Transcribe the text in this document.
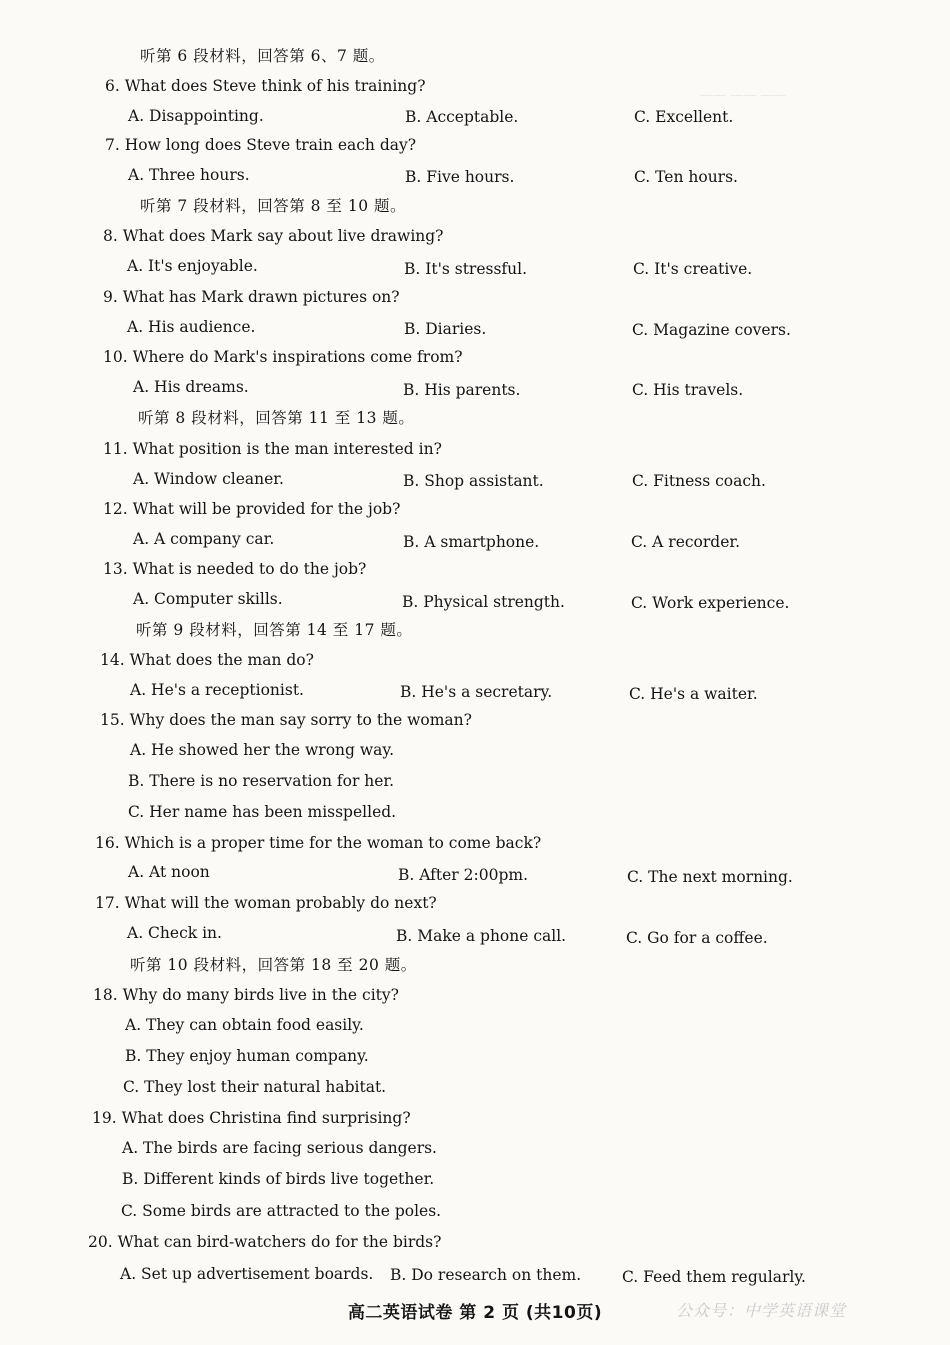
—— —— ——
听第 6 段材料，回答第 6、7 题。
6. What does Steve think of his training?
A. Disappointing.	B. Acceptable.	C. Excellent.
7. How long does Steve train each day?
A. Three hours.	B. Five hours.	C. Ten hours.
听第 7 段材料，回答第 8 至 10 题。
8. What does Mark say about live drawing?
A. It's enjoyable.	B. It's stressful.	C. It's creative.
9. What has Mark drawn pictures on?
A. His audience.	B. Diaries.	C. Magazine covers.
10. Where do Mark's inspirations come from?
A. His dreams.	B. His parents.	C. His travels.
听第 8 段材料，回答第 11 至 13 题。
11. What position is the man interested in?
A. Window cleaner.	B. Shop assistant.	C. Fitness coach.
12. What will be provided for the job?
A. A company car.	B. A smartphone.	C. A recorder.
13. What is needed to do the job?
A. Computer skills.	B. Physical strength.	C. Work experience.
听第 9 段材料，回答第 14 至 17 题。
14. What does the man do?
A. He's a receptionist.	B. He's a secretary.	C. He's a waiter.
15. Why does the man say sorry to the woman?
A. He showed her the wrong way.
B. There is no reservation for her.
C. Her name has been misspelled.
16. Which is a proper time for the woman to come back?
A. At noon	B. After 2:00pm.	C. The next morning.
17. What will the woman probably do next?
A. Check in.	B. Make a phone call.	C. Go for a coffee.
听第 10 段材料，回答第 18 至 20 题。
18. Why do many birds live in the city?
A. They can obtain food easily.
B. They enjoy human company.
C. They lost their natural habitat.
19. What does Christina find surprising?
A. The birds are facing serious dangers.
B. Different kinds of birds live together.
C. Some birds are attracted to the poles.
20. What can bird-watchers do for the birds?
A. Set up advertisement boards. B. Do research on them.	C. Feed them regularly.
高二英语试卷 第 2 页 (共10页)	公众号：中学英语课堂
